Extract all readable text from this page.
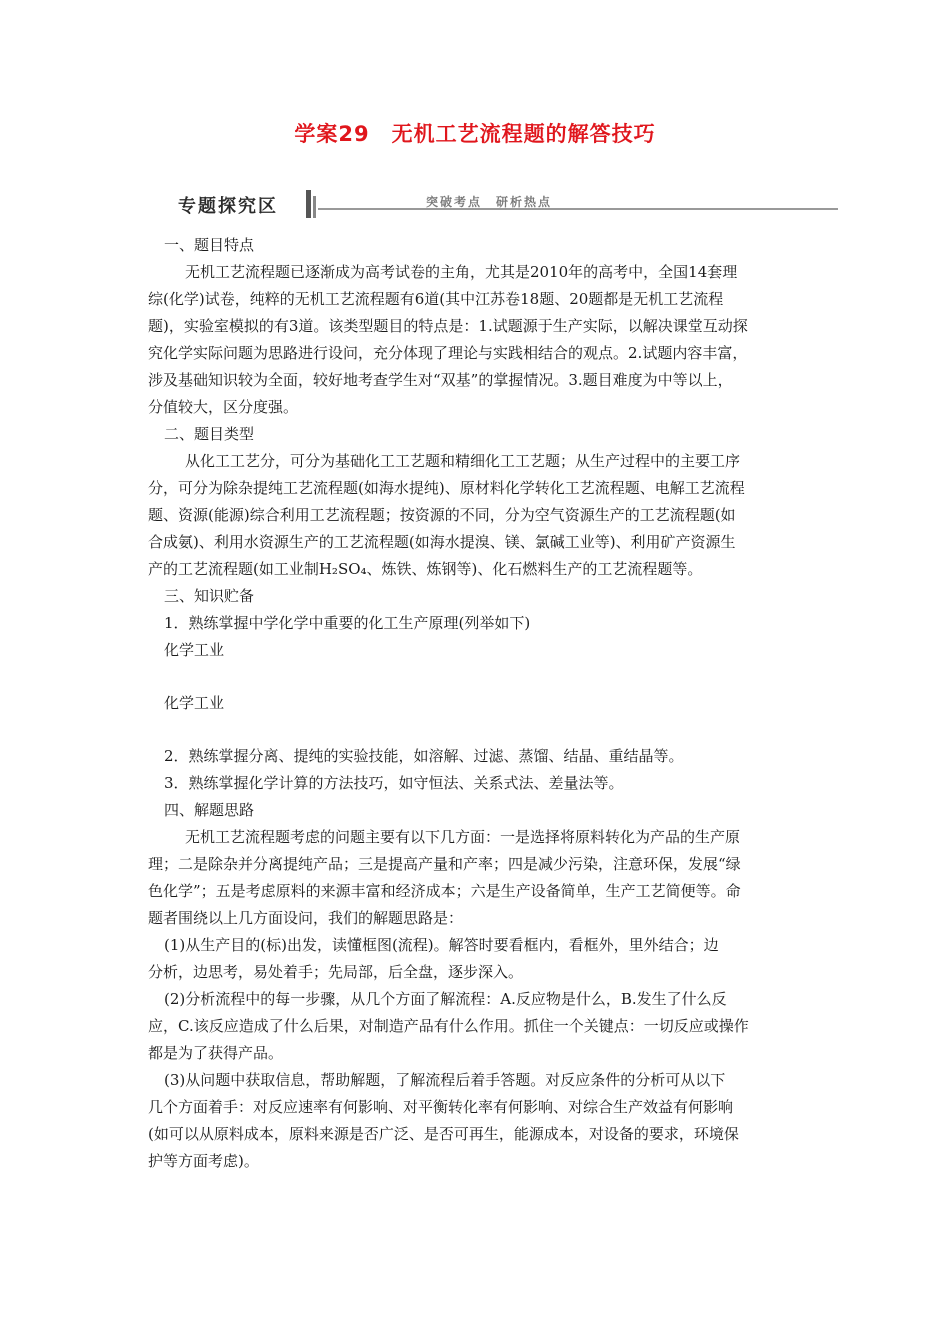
学案29　无机工艺流程题的解答技巧
专题探究区	突破考点　研析热点
一、题目特点
无机工艺流程题已逐渐成为高考试卷的主角，尤其是2010年的高考中，全国14套理
综(化学)试卷，纯粹的无机工艺流程题有6道(其中江苏卷18题、20题都是无机工艺流程
题)，实验室模拟的有3道。该类型题目的特点是：1.试题源于生产实际，以解决课堂互动探
究化学实际问题为思路进行设问，充分体现了理论与实践相结合的观点。2.试题内容丰富，
涉及基础知识较为全面，较好地考查学生对“双基”的掌握情况。3.题目难度为中等以上，
分值较大，区分度强。
二、题目类型
从化工工艺分，可分为基础化工工艺题和精细化工工艺题；从生产过程中的主要工序
分，可分为除杂提纯工艺流程题(如海水提纯)、原材料化学转化工艺流程题、电解工艺流程
题、资源(能源)综合利用工艺流程题；按资源的不同，分为空气资源生产的工艺流程题(如
合成氨)、利用水资源生产的工艺流程题(如海水提溴、镁、氯碱工业等)、利用矿产资源生
产的工艺流程题(如工业制H₂SO₄、炼铁、炼钢等)、化石燃料生产的工艺流程题等。
三、知识贮备
1．熟练掌握中学化学中重要的化工生产原理(列举如下)
化学工业
化学工业
2．熟练掌握分离、提纯的实验技能，如溶解、过滤、蒸馏、结晶、重结晶等。
3．熟练掌握化学计算的方法技巧，如守恒法、关系式法、差量法等。
四、解题思路
无机工艺流程题考虑的问题主要有以下几方面：一是选择将原料转化为产品的生产原
理；二是除杂并分离提纯产品；三是提高产量和产率；四是减少污染，注意环保，发展“绿
色化学”；五是考虑原料的来源丰富和经济成本；六是生产设备简单，生产工艺简便等。命
题者围绕以上几方面设问，我们的解题思路是：
(1)从生产目的(标)出发，读懂框图(流程)。解答时要看框内，看框外，里外结合；边
分析，边思考，易处着手；先局部，后全盘，逐步深入。
(2)分析流程中的每一步骤，从几个方面了解流程：A.反应物是什么，B.发生了什么反
应，C.该反应造成了什么后果，对制造产品有什么作用。抓住一个关键点：一切反应或操作
都是为了获得产品。
(3)从问题中获取信息，帮助解题，了解流程后着手答题。对反应条件的分析可从以下
几个方面着手：对反应速率有何影响、对平衡转化率有何影响、对综合生产效益有何影响
(如可以从原料成本，原料来源是否广泛、是否可再生，能源成本，对设备的要求，环境保
护等方面考虑)。
